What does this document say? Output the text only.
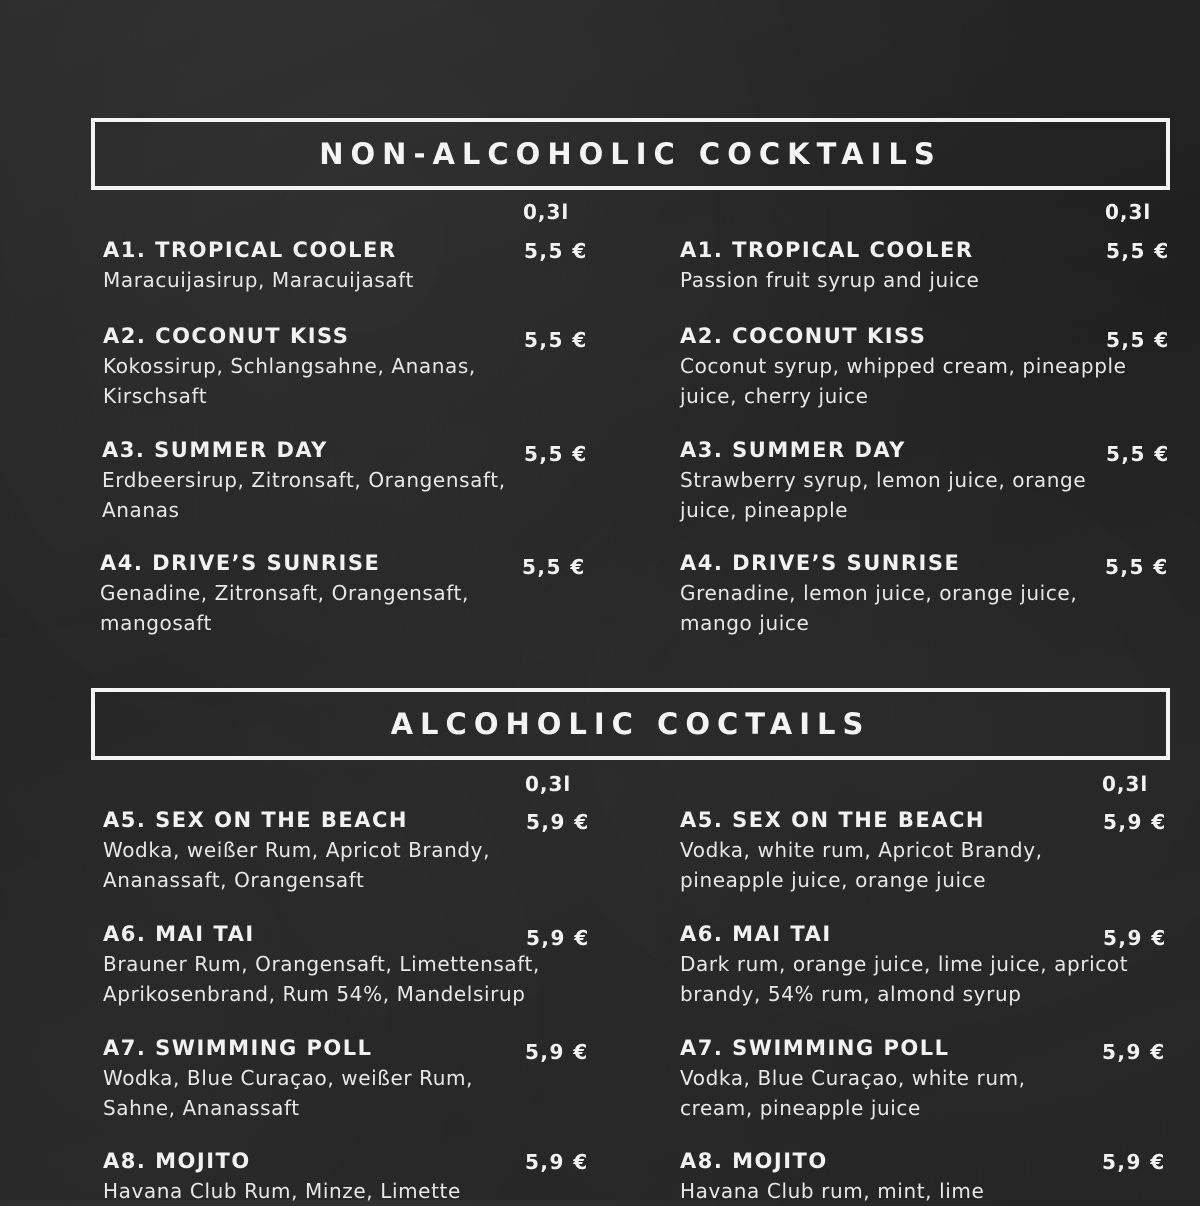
NON-ALCOHOLIC COCKTAILS
0,3l	0,3l
A1. TROPICAL COOLER
Maracuijasirup, Maracuijasaft
5,5 €
A2. COCONUT KISS
Kokossirup, Schlangsahne, Ananas, Kirschsaft
5,5 €
A3. SUMMER DAY
Erdbeersirup, Zitronsaft, Orangensaft, Ananas
5,5 €
A4. DRIVE’S SUNRISE
Genadine, Zitronsaft, Orangensaft, mangosaft
5,5 €
A1. TROPICAL COOLER
Passion fruit syrup and juice
5,5 €
A2. COCONUT KISS
Coconut syrup, whipped cream, pineapple juice, cherry juice
5,5 €
A3. SUMMER DAY
Strawberry syrup, lemon juice, orange juice, pineapple
5,5 €
A4. DRIVE’S SUNRISE
Grenadine, lemon juice, orange juice, mango juice
5,5 €
ALCOHOLIC COCTAILS
0,3l	0,3l
A5. SEX ON THE BEACH
Wodka, weißer Rum, Apricot Brandy, Ananassaft, Orangensaft
5,9 €
A6. MAI TAI
Brauner Rum, Orangensaft, Limettensaft, Aprikosenbrand, Rum 54%, Mandelsirup
5,9 €
A7. SWIMMING POLL
Wodka, Blue Curaçao, weißer Rum, Sahne, Ananassaft
5,9 €
A8. MOJITO
Havana Club Rum, Minze, Limette
5,9 €
A5. SEX ON THE BEACH
Vodka, white rum, Apricot Brandy, pineapple juice, orange juice
5,9 €
A6. MAI TAI
Dark rum, orange juice, lime juice, apricot brandy, 54% rum, almond syrup
5,9 €
A7. SWIMMING POLL
Vodka, Blue Curaçao, white rum, cream, pineapple juice
5,9 €
A8. MOJITO
Havana Club rum, mint, lime
5,9 €
